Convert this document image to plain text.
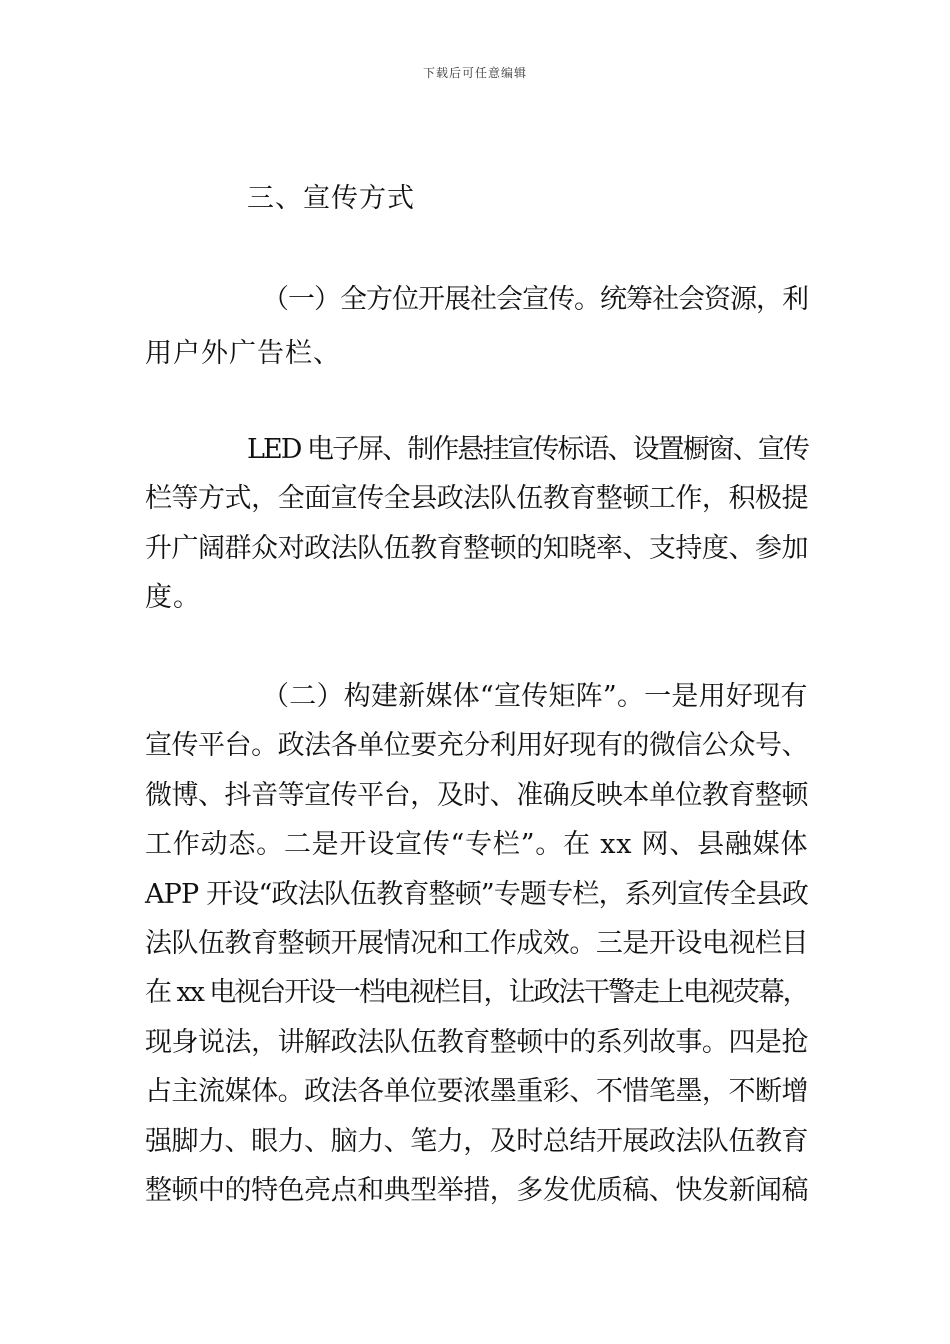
下载后可任意编辑
三、宣传方式
（一）全方位开展社会宣传。统筹社会资源，利
用户外广告栏、
LED 电子屏、制作悬挂宣传标语、设置橱窗、宣传
栏等方式，全面宣传全县政法队伍教育整顿工作，积极提
升广阔群众对政法队伍教育整顿的知晓率、支持度、参加
度。
（二）构建新媒体“宣传矩阵”。一是用好现有
宣传平台。政法各单位要充分利用好现有的微信公众号、
微博、抖音等宣传平台，及时、准确反映本单位教育整顿
工作动态。二是开设宣传“专栏”。在 xx 网、县融媒体
APP 开设“政法队伍教育整顿”专题专栏，系列宣传全县政
法队伍教育整顿开展情况和工作成效。三是开设电视栏目
在 xx 电视台开设一档电视栏目，让政法干警走上电视荧幕，
现身说法，讲解政法队伍教育整顿中的系列故事。四是抢
占主流媒体。政法各单位要浓墨重彩、不惜笔墨，不断增
强脚力、眼力、脑力、笔力，及时总结开展政法队伍教育
整顿中的特色亮点和典型举措，多发优质稿、快发新闻稿
